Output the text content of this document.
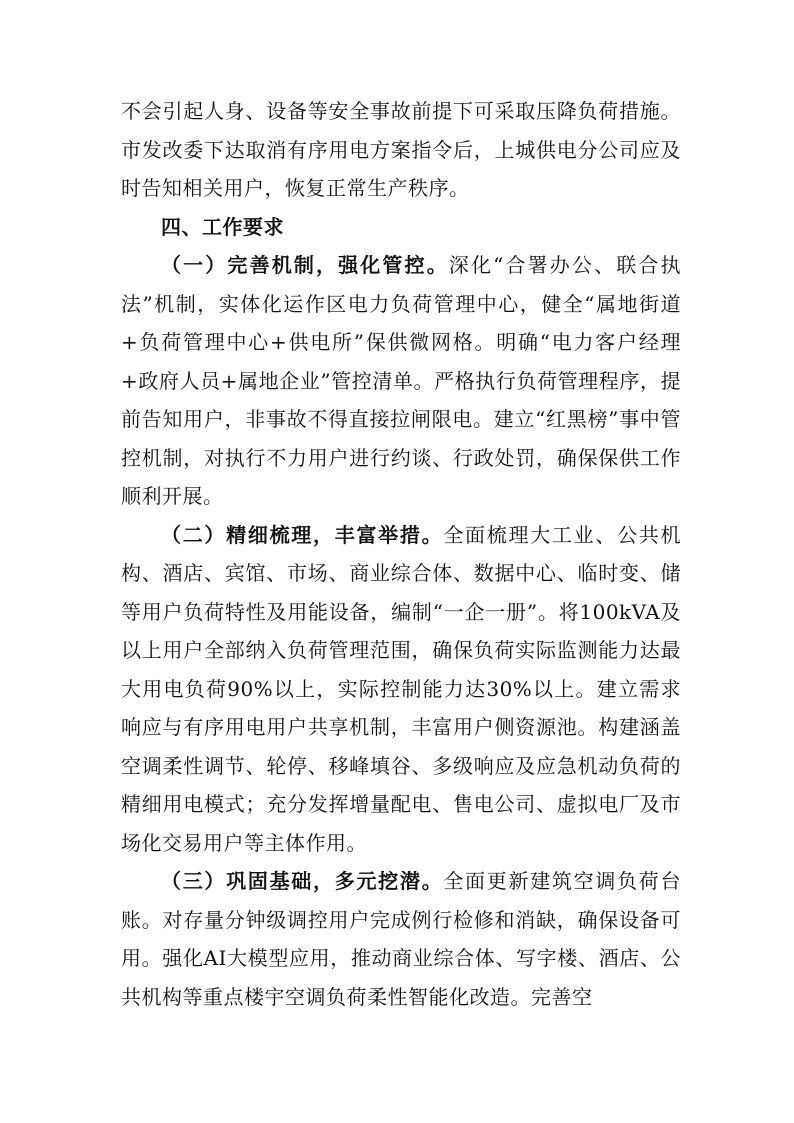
不会引起人身、设备等安全事故前提下可采取压降负荷措施。市发改委下达取消有序用电方案指令后，上城供电分公司应及时告知相关用户，恢复正常生产秩序。

四、工作要求

（一）完善机制，强化管控。深化“合署办公、联合执法”机制，实体化运作区电力负荷管理中心，健全“属地街道+负荷管理中心+供电所”保供微网格。明确“电力客户经理+政府人员+属地企业”管控清单。严格执行负荷管理程序，提前告知用户，非事故不得直接拉闸限电。建立“红黑榜”事中管控机制，对执行不力用户进行约谈、行政处罚，确保保供工作顺利开展。

（二）精细梳理，丰富举措。全面梳理大工业、公共机构、酒店、宾馆、市场、商业综合体、数据中心、临时变、储等用户负荷特性及用能设备，编制“一企一册”。将100kVA及以上用户全部纳入负荷管理范围，确保负荷实际监测能力达最大用电负荷90%以上，实际控制能力达30%以上。建立需求响应与有序用电用户共享机制，丰富用户侧资源池。构建涵盖空调柔性调节、轮停、移峰填谷、多级响应及应急机动负荷的精细用电模式；充分发挥增量配电、售电公司、虚拟电厂及市场化交易用户等主体作用。

（三）巩固基础，多元挖潜。全面更新建筑空调负荷台账。对存量分钟级调控用户完成例行检修和消缺，确保设备可用。强化AI大模型应用，推动商业综合体、写字楼、酒店、公共机构等重点楼宇空调负荷柔性智能化改造。完善空
